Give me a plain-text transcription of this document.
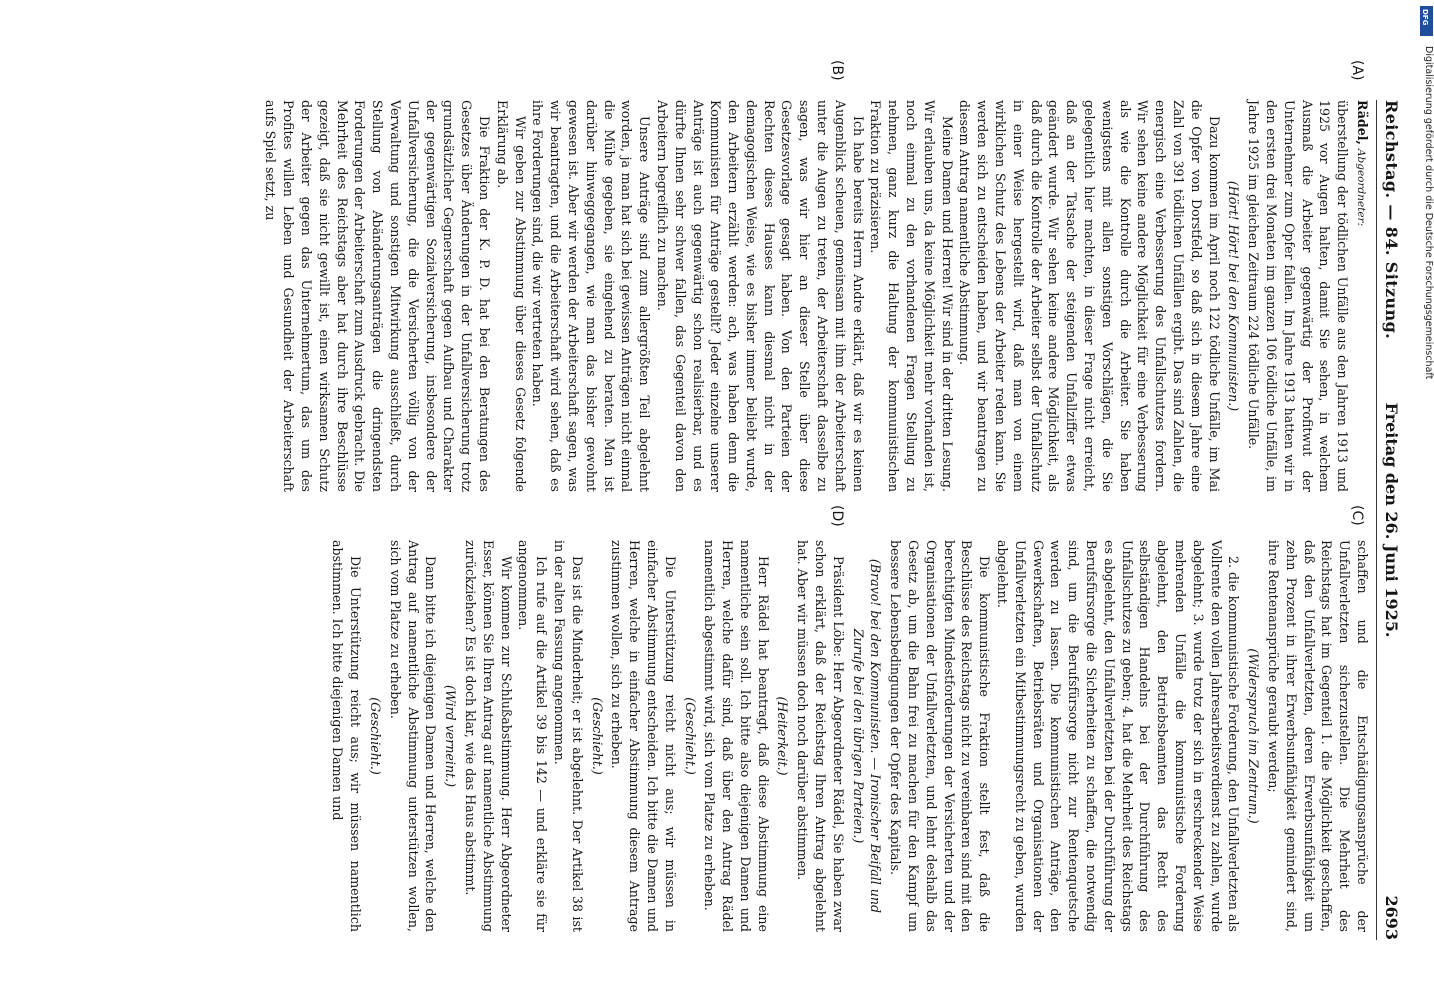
Freitag den 26. Juni 1925.
Reichstag. — 84. Sitzung.
2693
(A)
(B)
(C)
(D)

Rädel, Abgeordneter:

überstellung der tödlichen Unfälle aus den Jahren 1913 und 1925 vor Augen halten, damit Sie sehen, in welchem Ausmaß die Arbeiter gegenwärtig der Profitwut der Unternehmer zum Opfer fallen. Im Jahre 1913 hatten wir in den ersten drei Monaten im ganzen 106 tödliche Unfälle, im Jahre 1925 im gleichen Zeitraum 224 tödliche Unfälle.

(Hört! Hört! bei den Kommunisten.)

Dazu kommen im April noch 122 tödliche Unfälle, im Mai die Opfer von Dorstfeld, so daß sich in diesem Jahre eine Zahl von 391 tödlichen Unfällen ergibt. Das sind Zahlen, die energisch eine Verbesserung des Unfallschutzes fordern. Wir sehen keine andere Möglichkeit für eine Verbesserung als wie die Kontrolle durch die Arbeiter. Sie haben wenigstens mit allen sonstigen Vorschlägen, die Sie gelegentlich hier machten, in dieser Frage nicht erreicht, daß an der Tatsache der steigenden Unfallziffer etwas geändert wurde. Wir sehen keine andere Möglichkeit, als daß durch die Kontrolle der Arbeiter selbst der Unfallschutz in einer Weise hergestellt wird, daß man von einem wirklichen Schutz des Lebens der Arbeiter reden kann. Sie werden sich zu entscheiden haben, und wir beantragen zu diesem Antrag namentliche Abstimmung.

Meine Damen und Herren! Wir sind in der dritten Lesung. Wir erlauben uns, da keine Möglichkeit mehr vorhanden ist, noch einmal zu den vorhandenen Fragen Stellung zu nehmen, ganz kurz die Haltung der kommunistischen Fraktion zu präzisieren.

Ich habe bereits Herrn Andre erklärt, daß wir es keinen Augenblick scheuen, gemeinsam mit ihm der Arbeiterschaft unter die Augen zu treten, der Arbeiterschaft dasselbe zu sagen, was wir hier an dieser Stelle über diese Gesetzesvorlage gesagt haben. Von den Parteien der Rechten dieses Hauses kann diesmal nicht in der demagogischen Weise, wie es bisher immer beliebt wurde, den Arbeitern erzählt werden: ach, was haben denn die Kommunisten für Anträge gestellt? Jeder einzelne unserer Anträge ist auch gegenwärtig schon realisierbar, und es dürfte Ihnen sehr schwer fallen, das Gegenteil davon den Arbeitern begreiflich zu machen.

Unsere Anträge sind zum allergrößten Teil abgelehnt worden, ja man hat sich bei gewissen Anträgen nicht einmal die Mühe gegeben, sie eingehend zu beraten. Man ist darüber hinweggegangen, wie man das bisher gewohnt gewesen ist. Aber wir werden der Arbeiterschaft sagen, was wir beantragten, und die Arbeiterschaft wird sehen, daß es ihre Forderungen sind, die wir vertreten haben.

Wir geben zur Abstimmung über dieses Gesetz folgende Erklärung ab.

Die Fraktion der K. P. D. hat bei den Beratungen des Gesetzes über Änderungen in der Unfallversicherung trotz grundsätzlicher Gegnerschaft gegen Aufbau und Charakter der gegenwärtigen Sozialversicherung, insbesondere der Unfallversicherung, die die Versicherten völlig von der Verwaltung und sonstigen Mitwirkung ausschließt, durch Stellung von Abänderungsanträgen die dringendsten Forderungen der Arbeiterschaft zum Ausdruck gebracht. Die Mehrheit des Reichstags aber hat durch ihre Beschlüsse gezeigt, daß sie nicht gewillt ist, einen wirksamen Schutz der Arbeiter gegen das Unternehmertum, das um des Profites willen Leben und Gesundheit der Arbeiterschaft aufs Spiel setzt, zu

schaffen und die Entschädigungsansprüche der Unfallverletzten sicherzustellen. Die Mehrheit des Reichstags hat im Gegenteil 1. die Möglichkeit geschaffen, daß den Unfallverletzten, deren Erwerbsunfähigkeit um zehn Prozent in ihrer Erwerbsunfähigkeit gemindert sind, ihre Rentenansprüche geraubt werden;

(Widerspruch im Zentrum.)

2. die kommunistische Forderung, den Unfallverletzten als Vollrente den vollen Jahresarbeitsverdienst zu zahlen, wurde abgelehnt; 3. wurde trotz der sich in erschreckender Weise mehrenden Unfälle die kommunistische Forderung abgelehnt, den Betriebsbeamten das Recht des selbständigen Handelns bei der Durchführung des Unfallschutzes zu geben; 4. hat die Mehrheit des Reichstags es abgelehnt, den Unfallverletzten bei der Durchführung der Berufsfürsorge die Sicherheiten zu schaffen, die notwendig sind, um die Berufsfürsorge nicht zur Rentenquetsche werden zu lassen. Die kommunistischen Anträge, den Gewerkschaften, Betriebsräten und Organisationen der Unfallverletzten ein Mitbestimmungsrecht zu geben, wurden abgelehnt.

Die kommunistische Fraktion stellt fest, daß die Beschlüsse des Reichstags nicht zu vereinbaren sind mit den berechtigten Mindestforderungen der Versicherten und der Organisationen der Unfallverletzten, und lehnt deshalb das Gesetz ab, um die Bahn frei zu machen für den Kampf um bessere Lebensbedingungen der Opfer des Kapitals.

(Bravo! bei den Kommunisten. — Ironischer Beifall und Zurufe bei den übrigen Parteien.)

Präsident Löbe: Herr Abgeordneter Rädel, Sie haben zwar schon erklärt, daß der Reichstag Ihren Antrag abgelehnt hat. Aber wir müssen doch noch darüber abstimmen.

(Heiterkeit.)

Herr Rädel hat beantragt, daß diese Abstimmung eine namentliche sein soll. Ich bitte also diejenigen Damen und Herren, welche dafür sind, daß über den Antrag Rädel namentlich abgestimmt wird, sich vom Platze zu erheben.

(Geschieht.)

Die Unterstützung reicht nicht aus; wir müssen in einfacher Abstimmung entscheiden. Ich bitte die Damen und Herren, welche in einfacher Abstimmung diesem Antrage zustimmen wollen, sich zu erheben.

(Geschieht.)

Das ist die Minderheit; er ist abgelehnt. Der Artikel 38 ist in der alten Fassung angenommen.

Ich rufe auf die Artikel 39 bis 142 — und erkläre sie für angenommen.

Wir kommen zur Schlußabstimmung. Herr Abgeordneter Esser, können Sie Ihren Antrag auf namentliche Abstimmung zurückziehen? Es ist doch klar, wie das Haus abstimmt.

(Wird verneint.)

Dann bitte ich diejenigen Damen und Herren, welche den Antrag auf namentliche Abstimmung unterstützen wollen, sich vom Platze zu erheben.

(Geschieht.)

Die Unterstützung reicht aus; wir müssen namentlich abstimmen. Ich bitte diejenigen Damen und

DFG
Digitalisierung gefördert durch die Deutsche Forschungsgemeinschaft
